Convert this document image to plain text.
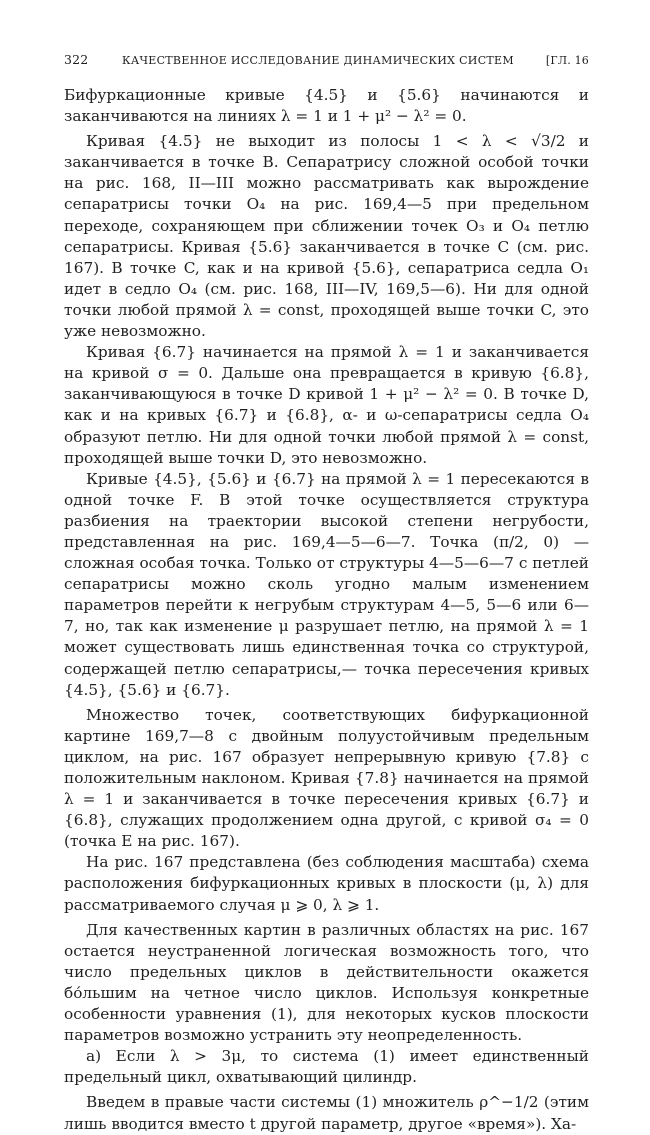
322	КАЧЕСТВЕННОЕ ИССЛЕДОВАНИЕ ДИНАМИЧЕСКИХ СИСТЕМ	[ГЛ. 16

Бифуркационные кривые {4.5} и {5.6} начинаются и заканчиваются на линиях λ = 1 и 1 + μ² − λ² = 0.

Кривая {4.5} не выходит из полосы 1 < λ < √3/2 и заканчивается в точке B. Сепаратрису сложной особой точки на рис. 168, II—III можно рассматривать как вырождение сепаратрисы точки O₄ на рис. 169,4—5 при предельном переходе, сохраняющем при сближении точек O₃ и O₄ петлю сепаратрисы. Кривая {5.6} заканчивается в точке C (см. рис. 167). В точке C, как и на кривой {5.6}, сепаратриса седла O₁ идет в седло O₄ (см. рис. 168, III—IV, 169,5—6). Ни для одной точки любой прямой λ = const, проходящей выше точки C, это уже невозможно.

Кривая {6.7} начинается на прямой λ = 1 и заканчивается на кривой σ = 0. Дальше она превращается в кривую {6.8}, заканчивающуюся в точке D кривой 1 + μ² − λ² = 0. В точке D, как и на кривых {6.7} и {6.8}, α- и ω-сепаратрисы седла O₄ образуют петлю. Ни для одной точки любой прямой λ = const, проходящей выше точки D, это невозможно.

Кривые {4.5}, {5.6} и {6.7} на прямой λ = 1 пересекаются в одной точке F. В этой точке осуществляется структура разбиения на траектории высокой степени негрубости, представленная на рис. 169,4—5—6—7. Точка (π/2, 0) — сложная особая точка. Только от структуры 4—5—6—7 с петлей сепаратрисы можно сколь угодно малым изменением параметров перейти к негрубым структурам 4—5, 5—6 или 6—7, но, так как изменение μ разрушает петлю, на прямой λ = 1 может существовать лишь единственная точка со структурой, содержащей петлю сепаратрисы,— точка пересечения кривых {4.5}, {5.6} и {6.7}.

Множество точек, соответствующих бифуркационной картине 169,7—8 с двойным полуустойчивым предельным циклом, на рис. 167 образует непрерывную кривую {7.8} с положительным наклоном. Кривая {7.8} начинается на прямой λ = 1 и заканчивается в точке пересечения кривых {6.7} и {6.8}, служащих продолжением одна другой, с кривой σ₄ = 0 (точка E на рис. 167).

На рис. 167 представлена (без соблюдения масштаба) схема расположения бифуркационных кривых в плоскости (μ, λ) для рассматриваемого случая μ ⩾ 0, λ ⩾ 1.

Для качественных картин в различных областях на рис. 167 остается неустраненной логическая возможность того, что число предельных циклов в действительности окажется бо́льшим на четное число циклов. Используя конкретные особенности уравнения (1), для некоторых кусков плоскости параметров возможно устранить эту неопределенность.

а) Если λ > 3μ, то система (1) имеет единственный предельный цикл, охватывающий цилиндр.

Введем в правые части системы (1) множитель ρ^−1/2 (этим лишь вводится вместо t другой параметр, другое «время»). Ха-
